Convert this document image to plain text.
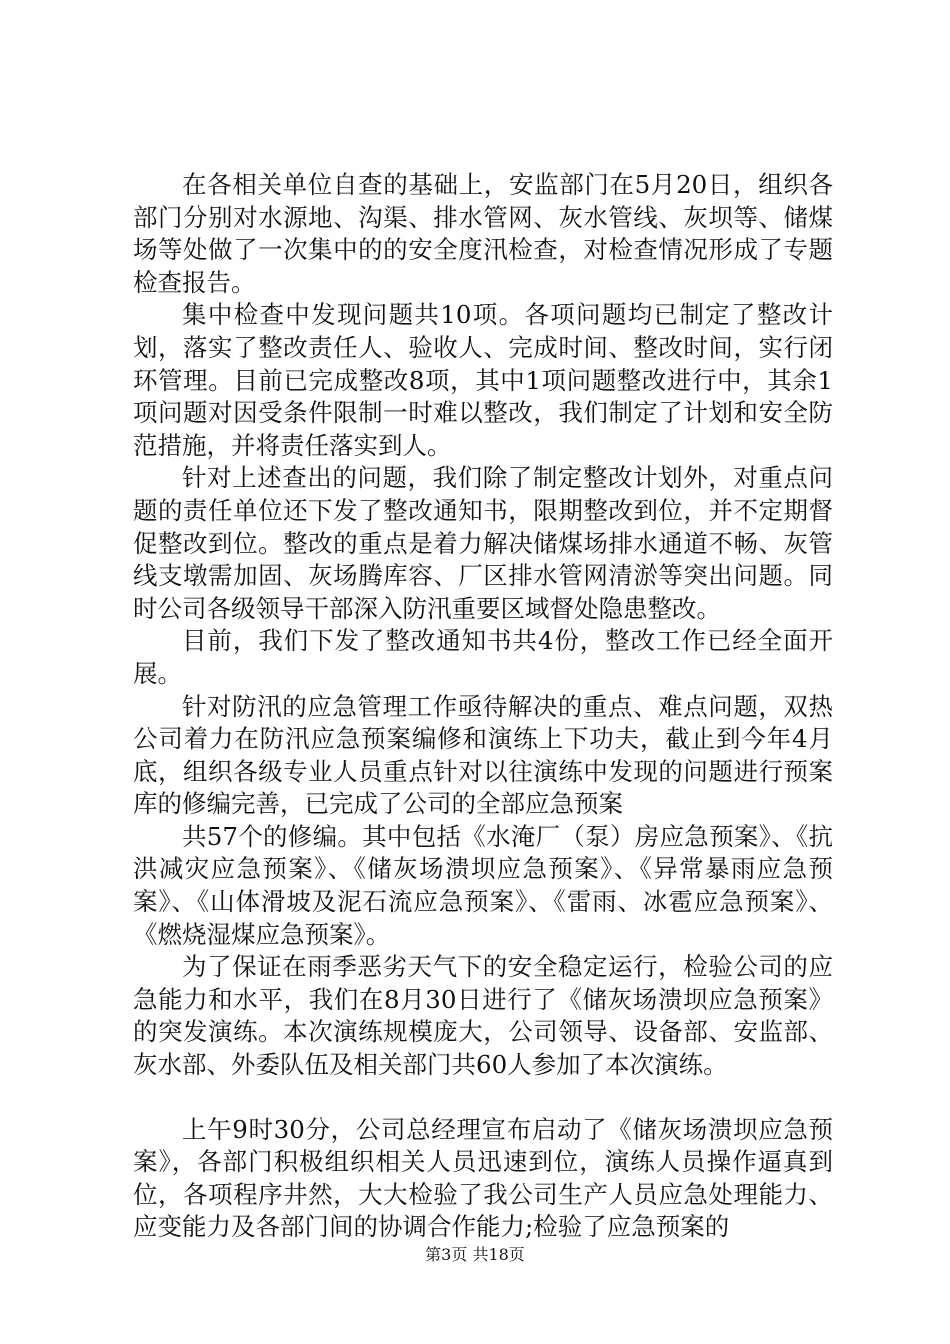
在各相关单位自查的基础上，安监部门在5月20日，组织各部门分别对水源地、沟渠、排水管网、灰水管线、灰坝等、储煤场等处做了一次集中的的安全度汛检查，对检查情况形成了专题检查报告。

集中检查中发现问题共10项。各项问题均已制定了整改计划，落实了整改责任人、验收人、完成时间、整改时间，实行闭环管理。目前已完成整改8项，其中1项问题整改进行中，其余1项问题对因受条件限制一时难以整改，我们制定了计划和安全防范措施，并将责任落实到人。

针对上述查出的问题，我们除了制定整改计划外，对重点问题的责任单位还下发了整改通知书，限期整改到位，并不定期督促整改到位。整改的重点是着力解决储煤场排水通道不畅、灰管线支墩需加固、灰场腾库容、厂区排水管网清淤等突出问题。同时公司各级领导干部深入防汛重要区域督处隐患整改。

目前，我们下发了整改通知书共4份，整改工作已经全面开展。

针对防汛的应急管理工作亟待解决的重点、难点问题，双热公司着力在防汛应急预案编修和演练上下功夫，截止到今年4月底，组织各级专业人员重点针对以往演练中发现的问题进行预案库的修编完善，已完成了公司的全部应急预案

共57个的修编。其中包括《水淹厂（泵）房应急预案》、《抗洪减灾应急预案》、《储灰场溃坝应急预案》、《异常暴雨应急预案》、《山体滑坡及泥石流应急预案》、《雷雨、冰雹应急预案》、《燃烧湿煤应急预案》。

为了保证在雨季恶劣天气下的安全稳定运行，检验公司的应急能力和水平，我们在8月30日进行了《储灰场溃坝应急预案》的突发演练。本次演练规模庞大，公司领导、设备部、安监部、灰水部、外委队伍及相关部门共60人参加了本次演练。

上午9时30分，公司总经理宣布启动了《储灰场溃坝应急预案》，各部门积极组织相关人员迅速到位，演练人员操作逼真到位，各项程序井然，大大检验了我公司生产人员应急处理能力、应变能力及各部门间的协调合作能力;检验了应急预案的

第3页 共18页
